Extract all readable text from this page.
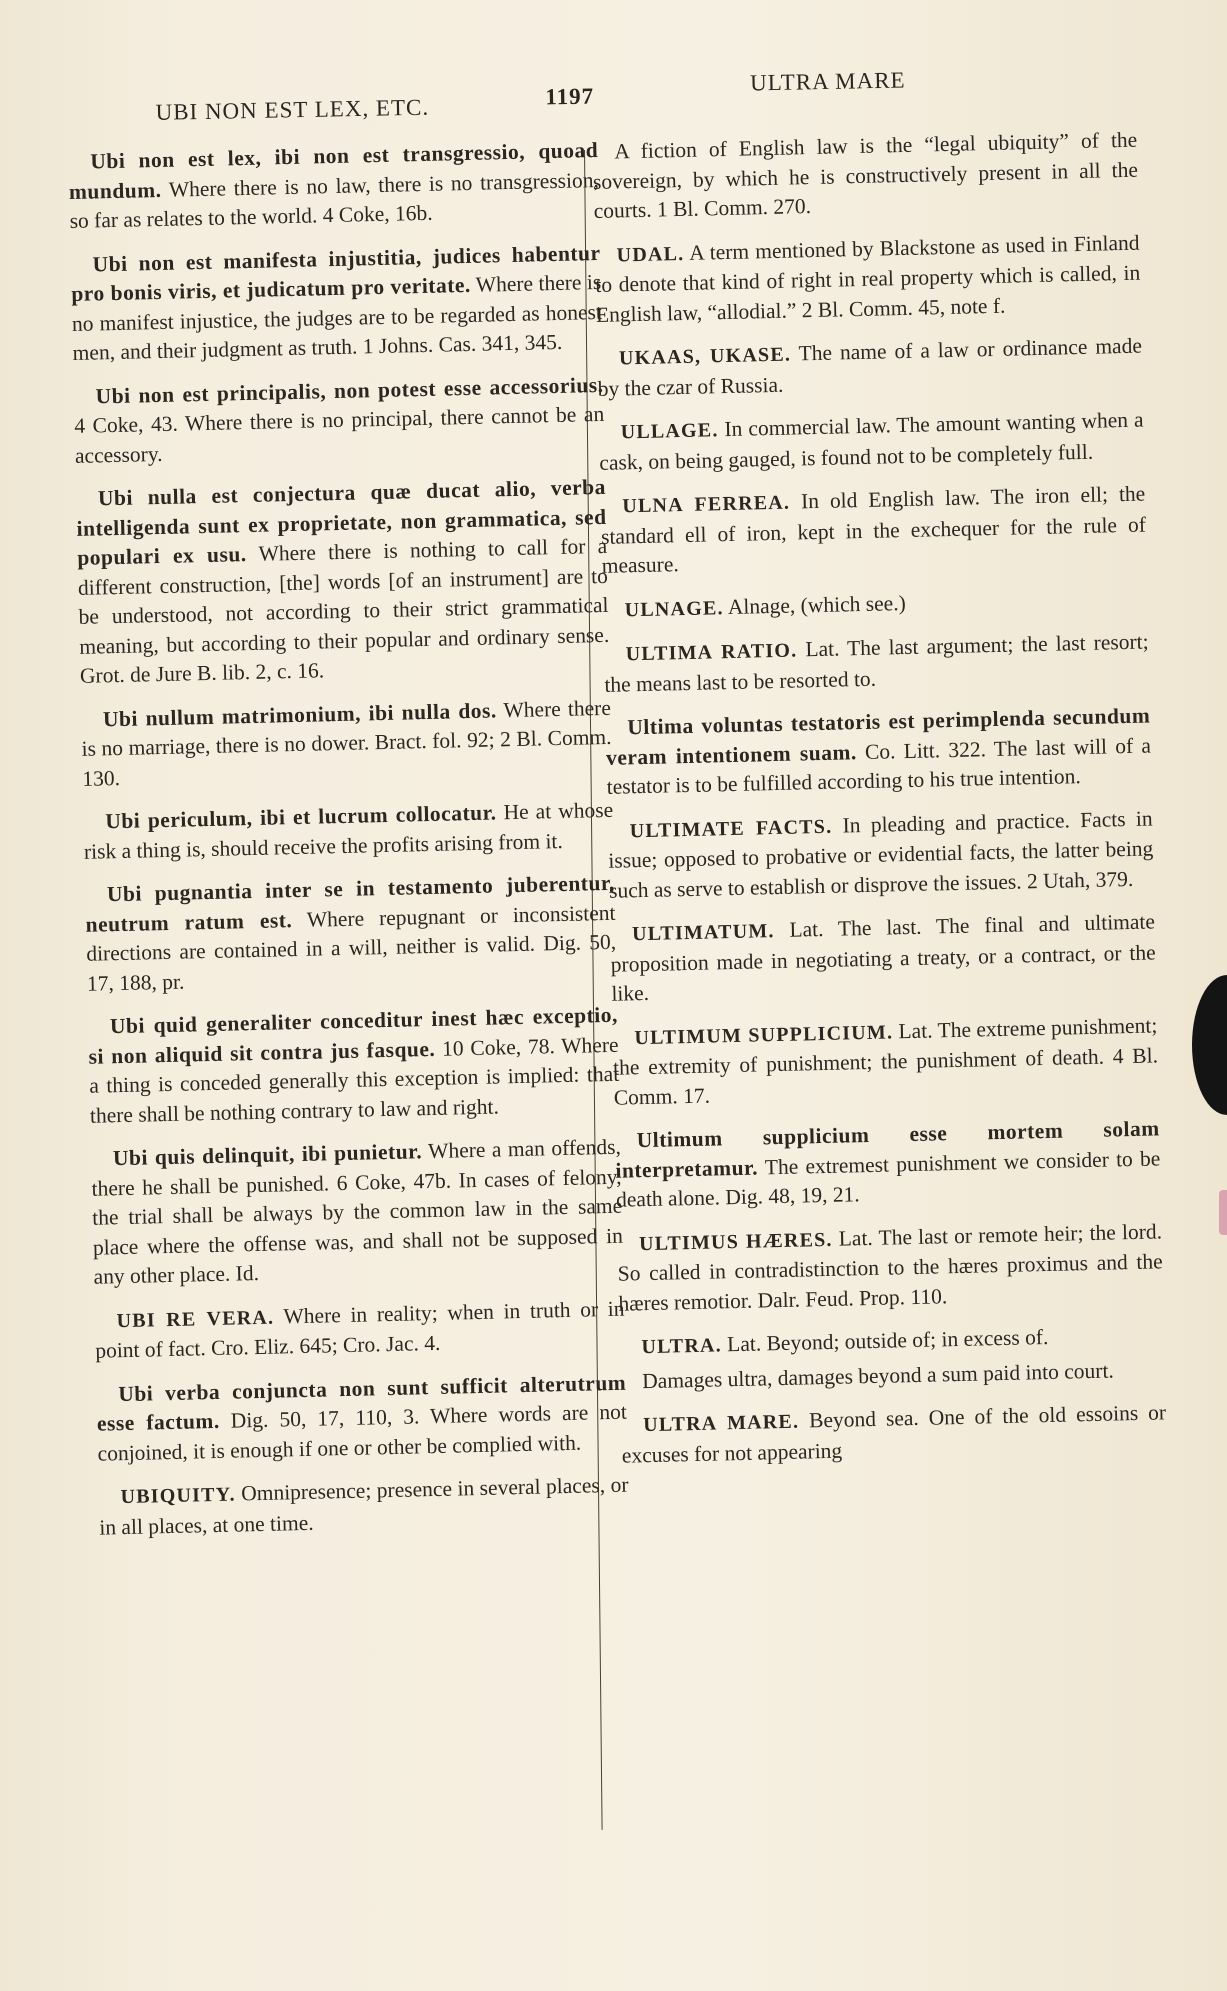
UBI NON EST LEX, ETC.	1197
ULTRA MARE

Ubi non est lex, ibi non est transgressio, quoad mundum. Where there is no law, there is no transgression, so far as relates to the world. 4 Coke, 16b.

Ubi non est manifesta injustitia, judices habentur pro bonis viris, et judicatum pro veritate. Where there is no manifest injustice, the judges are to be regarded as honest men, and their judgment as truth. 1 Johns. Cas. 341, 345.

Ubi non est principalis, non potest esse accessorius. 4 Coke, 43. Where there is no principal, there cannot be an accessory.

Ubi nulla est conjectura quæ ducat alio, verba intelligenda sunt ex proprietate, non grammatica, sed populari ex usu. Where there is nothing to call for a different construction, [the] words [of an instrument] are to be understood, not according to their strict grammatical meaning, but according to their popular and ordinary sense. Grot. de Jure B. lib. 2, c. 16.

Ubi nullum matrimonium, ibi nulla dos. Where there is no marriage, there is no dower. Bract. fol. 92; 2 Bl. Comm. 130.

Ubi periculum, ibi et lucrum collocatur. He at whose risk a thing is, should receive the profits arising from it.

Ubi pugnantia inter se in testamento juberentur, neutrum ratum est. Where repugnant or inconsistent directions are contained in a will, neither is valid. Dig. 50, 17, 188, pr.

Ubi quid generaliter conceditur inest hæc exceptio, si non aliquid sit contra jus fasque. 10 Coke, 78. Where a thing is conceded generally this exception is implied: that there shall be nothing contrary to law and right.

Ubi quis delinquit, ibi punietur. Where a man offends, there he shall be punished. 6 Coke, 47b. In cases of felony, the trial shall be always by the common law in the same place where the offense was, and shall not be supposed in any other place. Id.

UBI RE VERA. Where in reality; when in truth or in point of fact. Cro. Eliz. 645; Cro. Jac. 4.

Ubi verba conjuncta non sunt sufficit alterutrum esse factum. Dig. 50, 17, 110, 3. Where words are not conjoined, it is enough if one or other be complied with.

UBIQUITY. Omnipresence; presence in several places, or in all places, at one time.

A fiction of English law is the “legal ubiquity” of the sovereign, by which he is constructively present in all the courts. 1 Bl. Comm. 270.

UDAL. A term mentioned by Blackstone as used in Finland to denote that kind of right in real property which is called, in English law, “allodial.” 2 Bl. Comm. 45, note f.

UKAAS, UKASE. The name of a law or ordinance made by the czar of Russia.

ULLAGE. In commercial law. The amount wanting when a cask, on being gauged, is found not to be completely full.

ULNA FERREA. In old English law. The iron ell; the standard ell of iron, kept in the exchequer for the rule of measure.

ULNAGE. Alnage, (which see.)

ULTIMA RATIO. Lat. The last argument; the last resort; the means last to be resorted to.

Ultima voluntas testatoris est perimplenda secundum veram intentionem suam. Co. Litt. 322. The last will of a testator is to be fulfilled according to his true intention.

ULTIMATE FACTS. In pleading and practice. Facts in issue; opposed to probative or evidential facts, the latter being such as serve to establish or disprove the issues. 2 Utah, 379.

ULTIMATUM. Lat. The last. The final and ultimate proposition made in negotiating a treaty, or a contract, or the like.

ULTIMUM SUPPLICIUM. Lat. The extreme punishment; the extremity of punishment; the punishment of death. 4 Bl. Comm. 17.

Ultimum supplicium esse mortem solam interpretamur. The extremest punishment we consider to be death alone. Dig. 48, 19, 21.

ULTIMUS HÆRES. Lat. The last or remote heir; the lord. So called in contradistinction to the hæres proximus and the hæres remotior. Dalr. Feud. Prop. 110.

ULTRA. Lat. Beyond; outside of; in excess of.

Damages ultra, damages beyond a sum paid into court.

ULTRA MARE. Beyond sea. One of the old essoins or excuses for not appearing
